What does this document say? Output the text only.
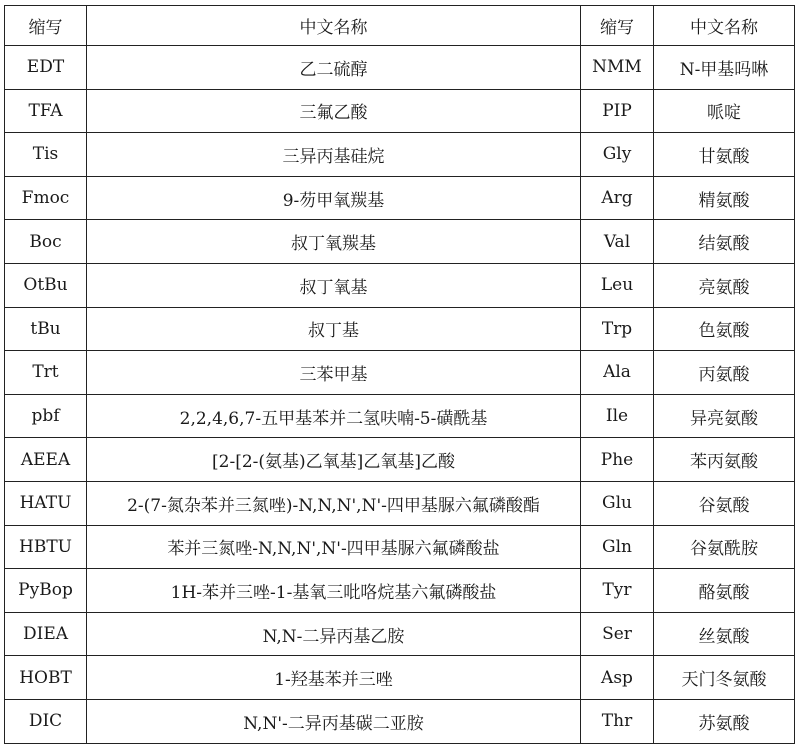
缩写	中文名称	缩写	中文名称
EDT	乙二硫醇	NMM	N-甲基吗啉
TFA	三氟乙酸	PIP	哌啶
Tis	三异丙基硅烷	Gly	甘氨酸
Fmoc	9-芴甲氧羰基	Arg	精氨酸
Boc	叔丁氧羰基	Val	结氨酸
OtBu	叔丁氧基	Leu	亮氨酸
tBu	叔丁基	Trp	色氨酸
Trt	三苯甲基	Ala	丙氨酸
pbf	2,2,4,6,7-五甲基苯并二氢呋喃-5-磺酰基	Ile	异亮氨酸
AEEA	[2-[2-(氨基)乙氧基]乙氧基]乙酸	Phe	苯丙氨酸
HATU	2-(7-氮杂苯并三氮唑)-N,N,N',N'-四甲基脲六氟磷酸酯	Glu	谷氨酸
HBTU	苯并三氮唑-N,N,N',N'-四甲基脲六氟磷酸盐	Gln	谷氨酰胺
PyBop	1H-苯并三唑-1-基氧三吡咯烷基六氟磷酸盐	Tyr	酪氨酸
DIEA	N,N-二异丙基乙胺	Ser	丝氨酸
HOBT	1-羟基苯并三唑	Asp	天门冬氨酸
DIC	N,N'-二异丙基碳二亚胺	Thr	苏氨酸
